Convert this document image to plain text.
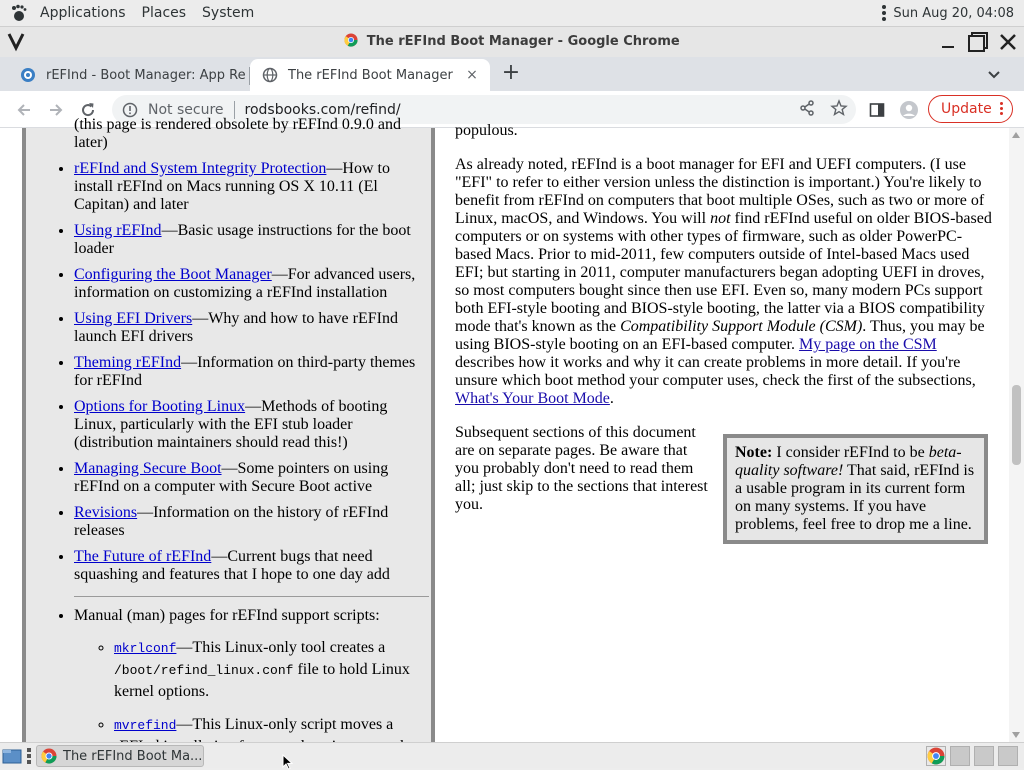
Applications	Places	System	Sun Aug 20, 04:08
The rEFInd Boot Manager - Google Chrome
rEFInd - Boot Manager: App Re	The rEFInd Boot Manager × +
Not secure rodsbooks.com/refind/	Update
(this page is rendered obsolete by rEFInd 0.9.0 and later)
• rEFInd and System Integrity Protection—How to install rEFInd on Macs running OS X 10.11 (El Capitan) and later
• Using rEFInd—Basic usage instructions for the boot loader
• Configuring the Boot Manager—For advanced users, information on customizing a rEFInd installation
• Using EFI Drivers—Why and how to have rEFInd launch EFI drivers
• Theming rEFInd—Information on third-party themes for rEFInd
• Options for Booting Linux—Methods of booting Linux, particularly with the EFI stub loader (distribution maintainers should read this!)
• Managing Secure Boot—Some pointers on using rEFInd on a computer with Secure Boot active
• Revisions—Information on the history of rEFInd releases
• The Future of rEFInd—Current bugs that need squashing and features that I hope to one day add
• Manual (man) pages for rEFInd support scripts:
◦ mkrlconf—This Linux-only tool creates a /boot/refind_linux.conf file to hold Linux kernel options.
◦ mvrefind—This Linux-only script moves a

populous.

As already noted, rEFInd is a boot manager for EFI and UEFI computers. (I use "EFI" to refer to either version unless the distinction is important.) You're likely to benefit from rEFInd on computers that boot multiple OSes, such as two or more of Linux, macOS, and Windows. You will not find rEFInd useful on older BIOS-based computers or on systems with other types of firmware, such as older PowerPC-based Macs. Prior to mid-2011, few computers outside of Intel-based Macs used EFI; but starting in 2011, computer manufacturers began adopting UEFI in droves, so most computers bought since then use EFI. Even so, many modern PCs support both EFI-style booting and BIOS-style booting, the latter via a BIOS compatibility mode that's known as the Compatibility Support Module (CSM). Thus, you may be using BIOS-style booting on an EFI-based computer. My page on the CSM describes how it works and why it can create problems in more detail. If you're unsure which boot method your computer uses, check the first of the subsections, What's Your Boot Mode.

Subsequent sections of this document are on separate pages. Be aware that you probably don't need to read them all; just skip to the sections that interest you.

Note: I consider rEFInd to be beta-quality software! That said, rEFInd is a usable program in its current form on many systems. If you have problems, feel free to drop me a line.
The rEFInd Boot Ma...
